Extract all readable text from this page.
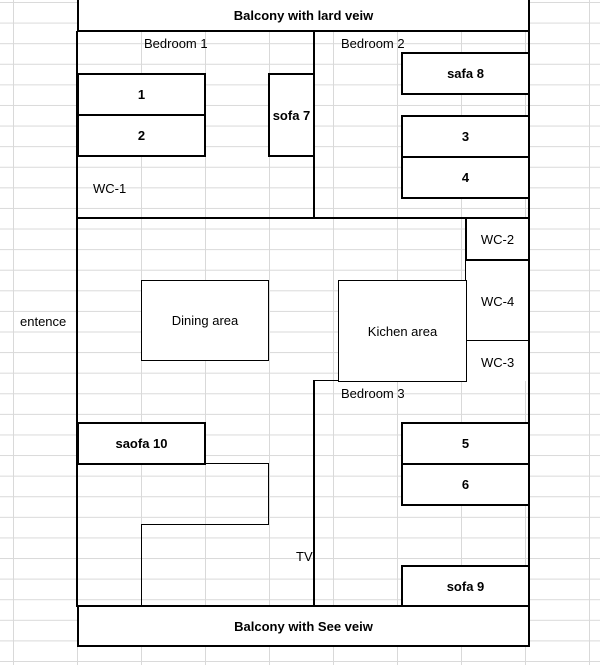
Balcony with lard veiw
Balcony with See veiw
1
2
sofa 7
safa 8
3
4
WC-2
WC-4
WC-3
Dining area
Kichen area
5
6
sofa 9
saofa 10
Bedroom 1	Bedroom 2
Bedroom 3
WC-1
entence
TV
